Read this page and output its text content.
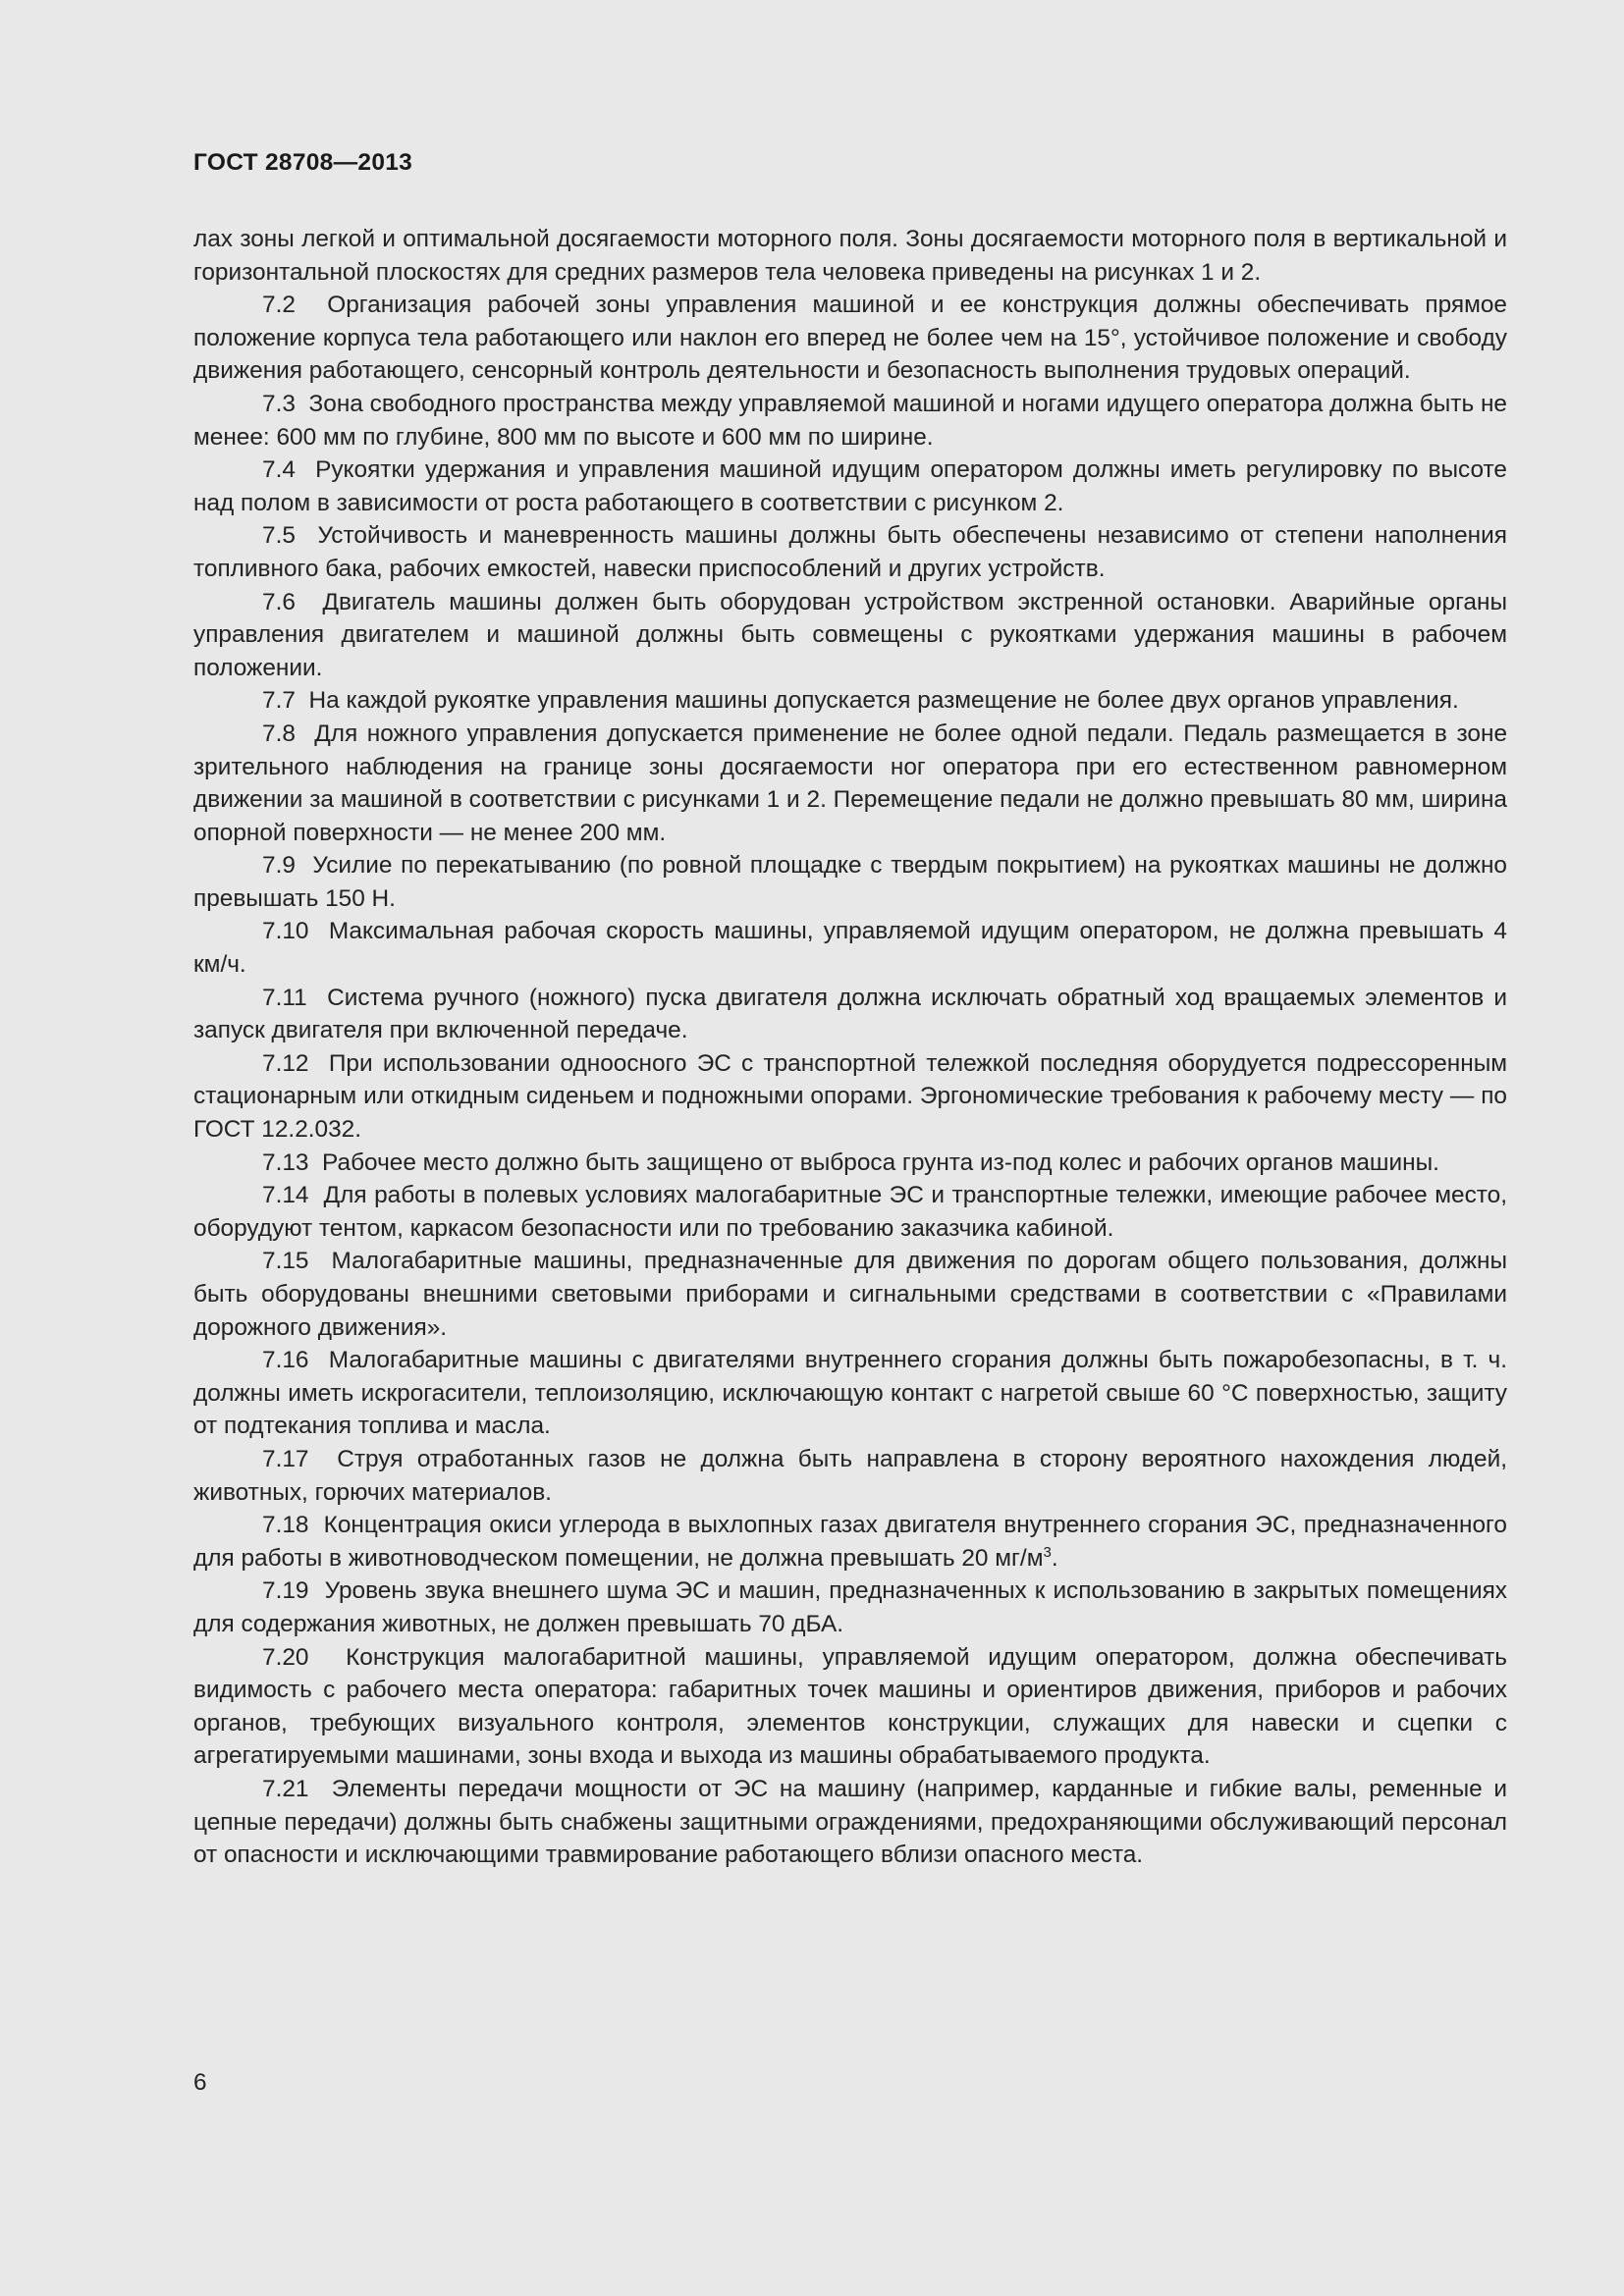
ГОСТ 28708—2013

лах зоны легкой и оптимальной досягаемости моторного поля. Зоны досягаемости моторного поля в вертикальной и горизонтальной плоскостях для средних размеров тела человека приведены на рисунках 1 и 2.

7.2 Организация рабочей зоны управления машиной и ее конструкция должны обеспечивать прямое положение корпуса тела работающего или наклон его вперед не более чем на 15°, устойчивое положение и свободу движения работающего, сенсорный контроль деятельности и безопасность выполнения трудовых операций.

7.3 Зона свободного пространства между управляемой машиной и ногами идущего оператора должна быть не менее: 600 мм по глубине, 800 мм по высоте и 600 мм по ширине.

7.4 Рукоятки удержания и управления машиной идущим оператором должны иметь регулировку по высоте над полом в зависимости от роста работающего в соответствии с рисунком 2.

7.5 Устойчивость и маневренность машины должны быть обеспечены независимо от степени наполнения топливного бака, рабочих емкостей, навески приспособлений и других устройств.

7.6 Двигатель машины должен быть оборудован устройством экстренной остановки. Аварийные органы управления двигателем и машиной должны быть совмещены с рукоятками удержания машины в рабочем положении.

7.7 На каждой рукоятке управления машины допускается размещение не более двух органов управления.

7.8 Для ножного управления допускается применение не более одной педали. Педаль размещается в зоне зрительного наблюдения на границе зоны досягаемости ног оператора при его естественном равномерном движении за машиной в соответствии с рисунками 1 и 2. Перемещение педали не должно превышать 80 мм, ширина опорной поверхности — не менее 200 мм.

7.9 Усилие по перекатыванию (по ровной площадке с твердым покрытием) на рукоятках машины не должно превышать 150 Н.

7.10 Максимальная рабочая скорость машины, управляемой идущим оператором, не должна превышать 4 км/ч.

7.11 Система ручного (ножного) пуска двигателя должна исключать обратный ход вращаемых элементов и запуск двигателя при включенной передаче.

7.12 При использовании одноосного ЭС с транспортной тележкой последняя оборудуется подрессоренным стационарным или откидным сиденьем и подножными опорами. Эргономические требования к рабочему месту — по ГОСТ 12.2.032.

7.13 Рабочее место должно быть защищено от выброса грунта из-под колес и рабочих органов машины.

7.14 Для работы в полевых условиях малогабаритные ЭС и транспортные тележки, имеющие рабочее место, оборудуют тентом, каркасом безопасности или по требованию заказчика кабиной.

7.15 Малогабаритные машины, предназначенные для движения по дорогам общего пользования, должны быть оборудованы внешними световыми приборами и сигнальными средствами в соответствии с «Правилами дорожного движения».

7.16 Малогабаритные машины с двигателями внутреннего сгорания должны быть пожаробезопасны, в т. ч. должны иметь искрогасители, теплоизоляцию, исключающую контакт с нагретой свыше 60 °С поверхностью, защиту от подтекания топлива и масла.

7.17 Струя отработанных газов не должна быть направлена в сторону вероятного нахождения людей, животных, горючих материалов.

7.18 Концентрация окиси углерода в выхлопных газах двигателя внутреннего сгорания ЭС, предназначенного для работы в животноводческом помещении, не должна превышать 20 $мг/м^3$.

7.19 Уровень звука внешнего шума ЭС и машин, предназначенных к использованию в закрытых помещениях для содержания животных, не должен превышать 70 дБА.

7.20 Конструкция малогабаритной машины, управляемой идущим оператором, должна обеспечивать видимость с рабочего места оператора: габаритных точек машины и ориентиров движения, приборов и рабочих органов, требующих визуального контроля, элементов конструкции, служащих для навески и сцепки с агрегатируемыми машинами, зоны входа и выхода из машины обрабатываемого продукта.

7.21 Элементы передачи мощности от ЭС на машину (например, карданные и гибкие валы, ременные и цепные передачи) должны быть снабжены защитными ограждениями, предохраняющими обслуживающий персонал от опасности и исключающими травмирование работающего вблизи опасного места.

6
